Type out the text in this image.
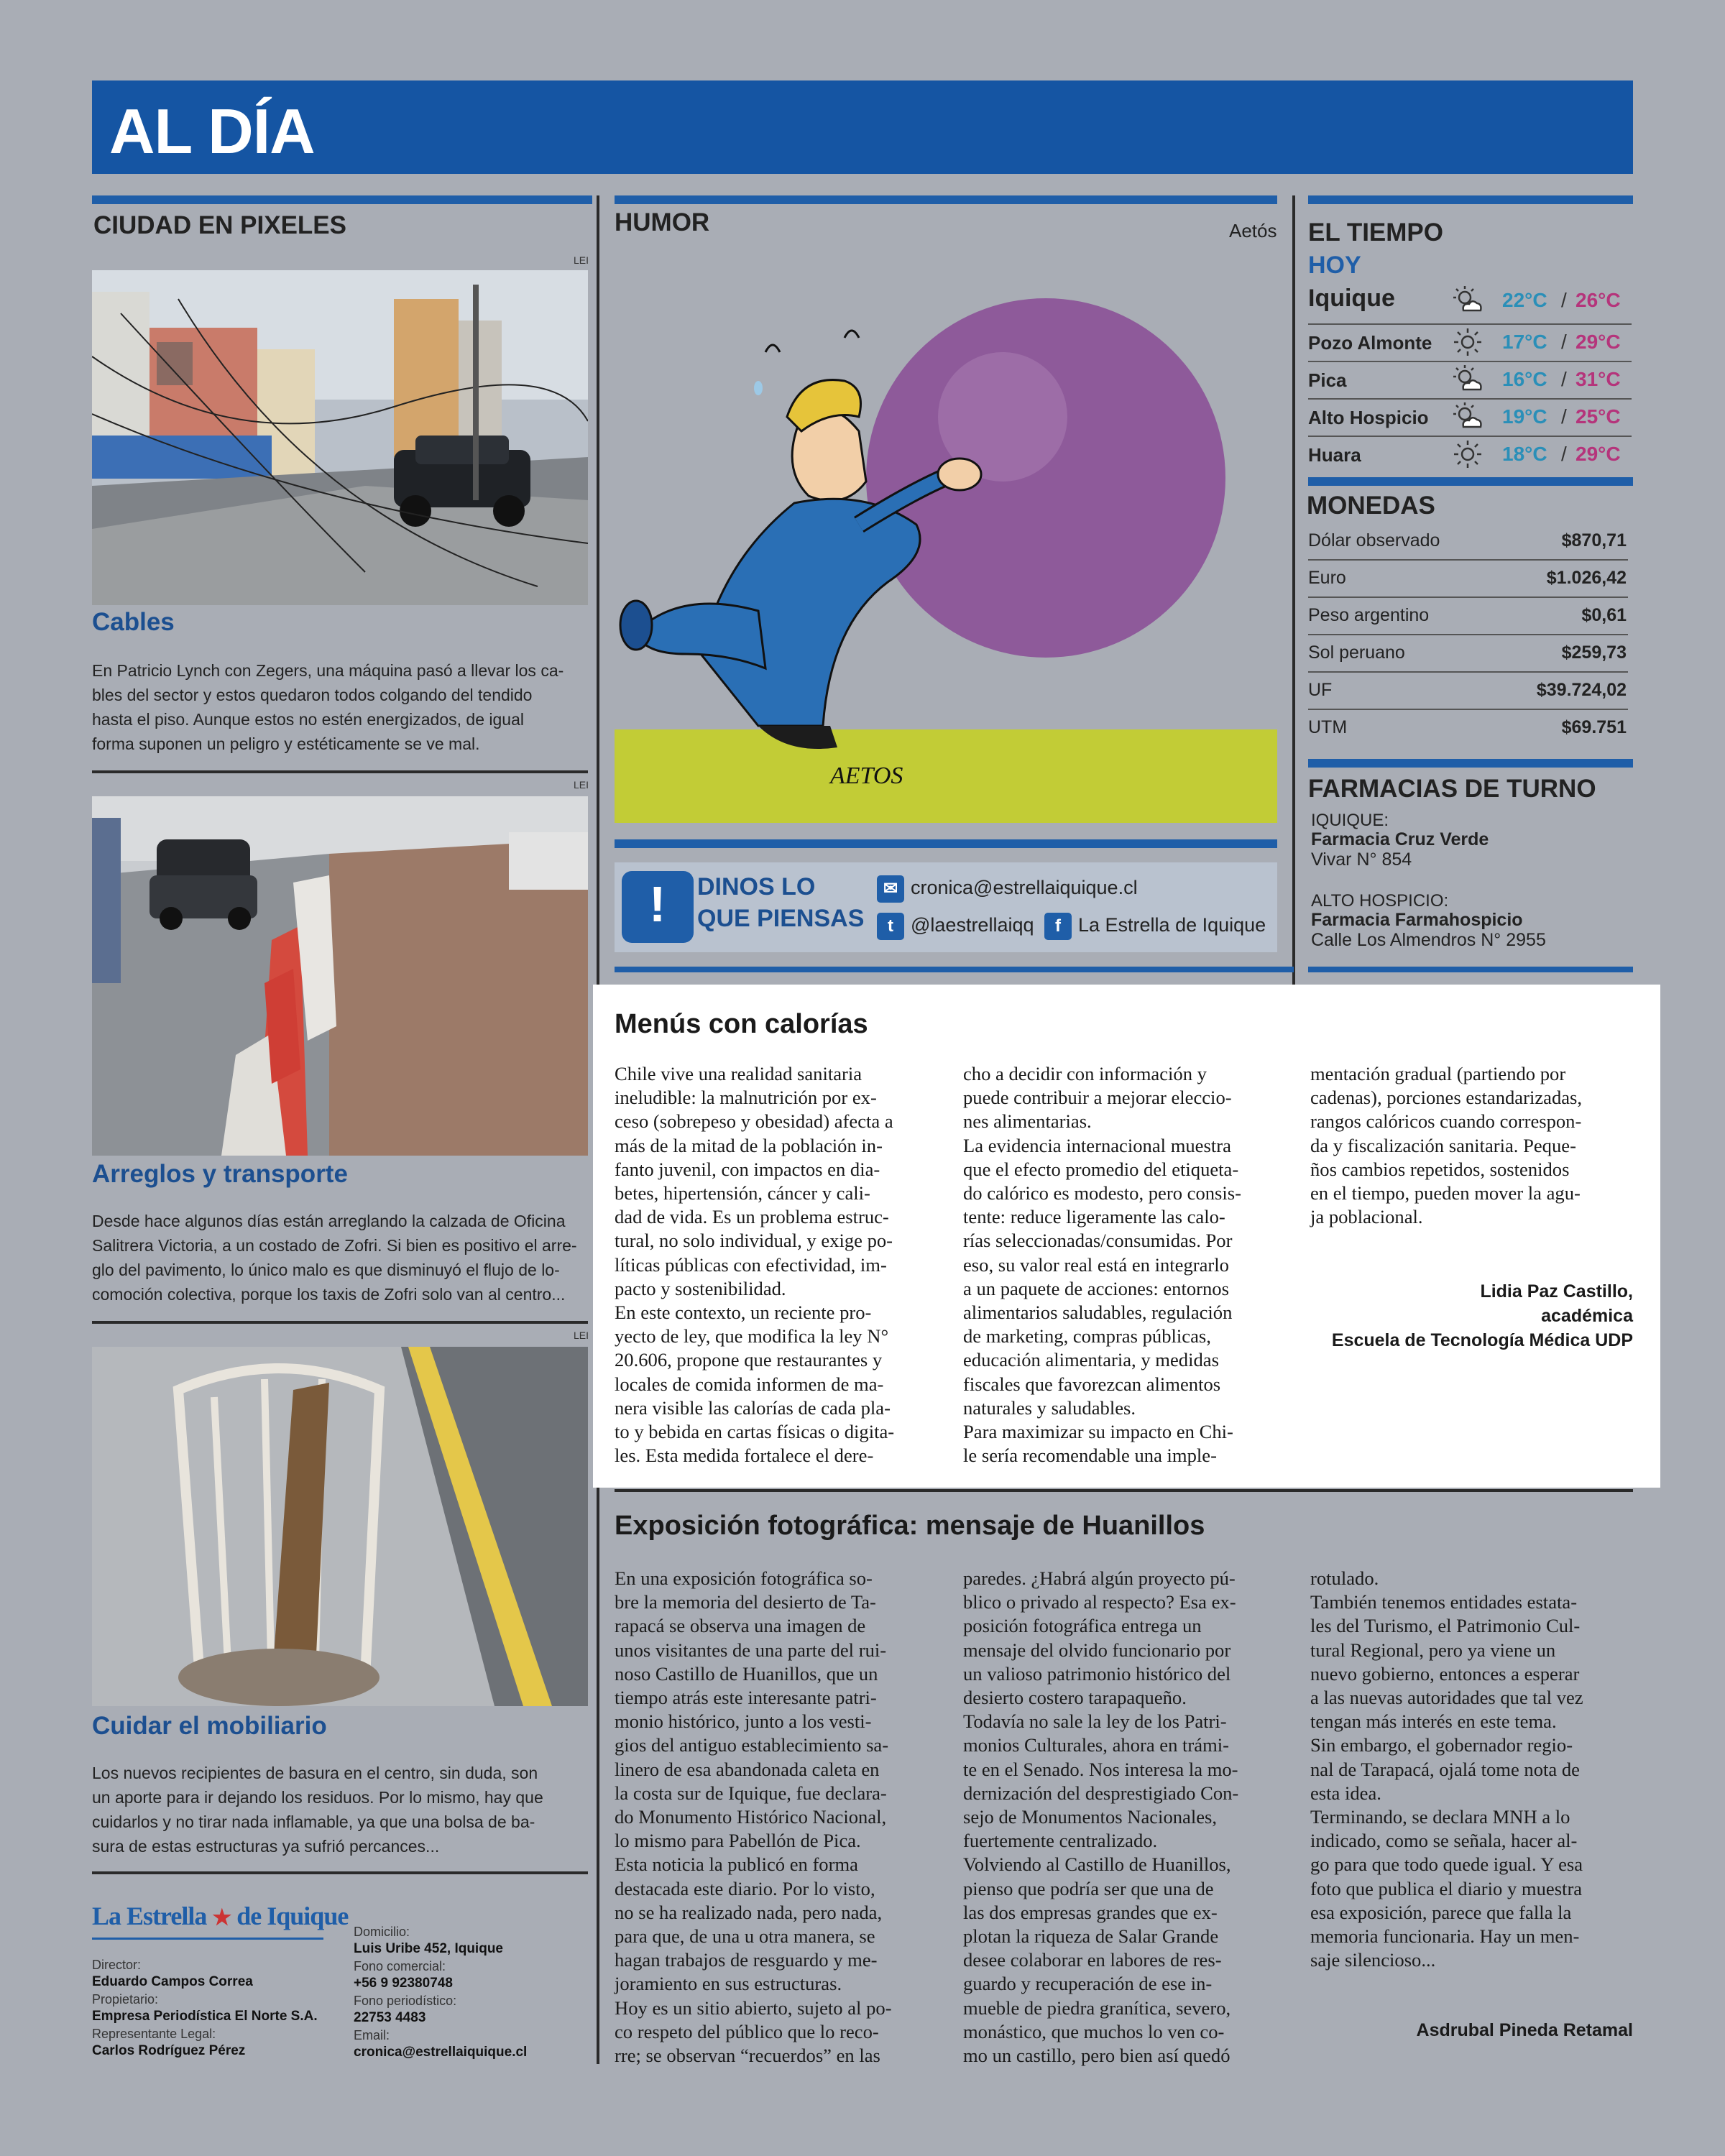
AL DÍA
CIUDAD EN PIXELES
LEI
Cables
En Patricio Lynch con Zegers, una máquina pasó a llevar los ca-
bles del sector y estos quedaron todos colgando del tendido
hasta el piso. Aunque estos no estén energizados, de igual
forma suponen un peligro y estéticamente se ve mal.
LEI
Arreglos y transporte
Desde hace algunos días están arreglando la calzada de Oficina
Salitrera Victoria, a un costado de Zofri. Si bien es positivo el arre-
glo del pavimento, lo único malo es que disminuyó el flujo de lo-
comoción colectiva, porque los taxis de Zofri solo van al centro...
LEI
Cuidar el mobiliario
Los nuevos recipientes de basura en el centro, sin duda, son
un aporte para ir dejando los residuos. Por lo mismo, hay que
cuidarlos y no tirar nada inflamable, ya que una bolsa de ba-
sura de estas estructuras ya sufrió percances...
La Estrella ★ de Iquique
Director:
Eduardo Campos Correa
Propietario:
Empresa Periodística El Norte S.A.
Representante Legal:
Carlos Rodríguez Pérez
Domicilio:
Luis Uribe 452, Iquique
Fono comercial:
+56 9 92380748
Fono periodístico:
22753 4483
Email:
cronica@estrellaiquique.cl
HUMOR	Aetós
AETOS
! DINOS LO
QUE PIENSAS
✉ cronica@estrellaiquique.cl
t @laestrellaiqq	f La Estrella de Iquique
EL TIEMPO
HOY
Iquique	22°C / 26°C
Pozo Almonte	17°C / 29°C
Pica	16°C / 31°C
Alto Hospicio	19°C / 25°C
Huara	18°C / 29°C
MONEDAS
Dólar observado	$870,71
Euro	$1.026,42
Peso argentino	$0,61
Sol peruano	$259,73
UF	$39.724,02
UTM	$69.751
FARMACIAS DE TURNO
IQUIQUE:
Farmacia Cruz Verde
Vivar N° 854
ALTO HOSPICIO:
Farmacia Farmahospicio
Calle Los Almendros N° 2955
Menús con calorías

Chile vive una realidad sanitaria

ineludible: la malnutrición por ex-

ceso (sobrepeso y obesidad) afecta a

más de la mitad de la población in-

fanto juvenil, con impactos en dia-

betes, hipertensión, cáncer y cali-

dad de vida. Es un problema estruc-

tural, no solo individual, y exige po-

líticas públicas con efectividad, im-

pacto y sostenibilidad.

En este contexto, un reciente pro-

yecto de ley, que modifica la ley N°

20.606, propone que restaurantes y

locales de comida informen de ma-

nera visible las calorías de cada pla-

to y bebida en cartas físicas o digita-

les. Esta medida fortalece el dere-

cho a decidir con información y

puede contribuir a mejorar eleccio-

nes alimentarias.

La evidencia internacional muestra

que el efecto promedio del etiqueta-

do calórico es modesto, pero consis-

tente: reduce ligeramente las calo-

rías seleccionadas/consumidas. Por

eso, su valor real está en integrarlo

a un paquete de acciones: entornos

alimentarios saludables, regulación

de marketing, compras públicas,

educación alimentaria, y medidas

fiscales que favorezcan alimentos

naturales y saludables.

Para maximizar su impacto en Chi-

le sería recomendable una imple-

mentación gradual (partiendo por

cadenas), porciones estandarizadas,

rangos calóricos cuando correspon-

da y fiscalización sanitaria. Peque-

ños cambios repetidos, sostenidos

en el tiempo, pueden mover la agu-

ja poblacional.

Lidia Paz Castillo,
académica
Escuela de Tecnología Médica UDP
Exposición fotográfica: mensaje de Huanillos

En una exposición fotográfica so-

bre la memoria del desierto de Ta-

rapacá se observa una imagen de

unos visitantes de una parte del rui-

noso Castillo de Huanillos, que un

tiempo atrás este interesante patri-

monio histórico, junto a los vesti-

gios del antiguo establecimiento sa-

linero de esa abandonada caleta en

la costa sur de Iquique, fue declara-

do Monumento Histórico Nacional,

lo mismo para Pabellón de Pica.

Esta noticia la publicó en forma

destacada este diario. Por lo visto,

no se ha realizado nada, pero nada,

para que, de una u otra manera, se

hagan trabajos de resguardo y me-

joramiento en sus estructuras.

Hoy es un sitio abierto, sujeto al po-

co respeto del público que lo reco-

rre; se observan “recuerdos” en las

paredes. ¿Habrá algún proyecto pú-

blico o privado al respecto? Esa ex-

posición fotográfica entrega un

mensaje del olvido funcionario por

un valioso patrimonio histórico del

desierto costero tarapaqueño.

Todavía no sale la ley de los Patri-

monios Culturales, ahora en trámi-

te en el Senado. Nos interesa la mo-

dernización del desprestigiado Con-

sejo de Monumentos Nacionales,

fuertemente centralizado.

Volviendo al Castillo de Huanillos,

pienso que podría ser que una de

las dos empresas grandes que ex-

plotan la riqueza de Salar Grande

desee colaborar en labores de res-

guardo y recuperación de ese in-

mueble de piedra granítica, severo,

monástico, que muchos lo ven co-

mo un castillo, pero bien así quedó

rotulado.

También tenemos entidades estata-

les del Turismo, el Patrimonio Cul-

tural Regional, pero ya viene un

nuevo gobierno, entonces a esperar

a las nuevas autoridades que tal vez

tengan más interés en este tema.

Sin embargo, el gobernador regio-

nal de Tarapacá, ojalá tome nota de

esta idea.

Terminando, se declara MNH a lo

indicado, como se señala, hacer al-

go para que todo quede igual. Y esa

foto que publica el diario y muestra

esa exposición, parece que falla la

memoria funcionaria. Hay un men-

saje silencioso...

Asdrubal Pineda Retamal
